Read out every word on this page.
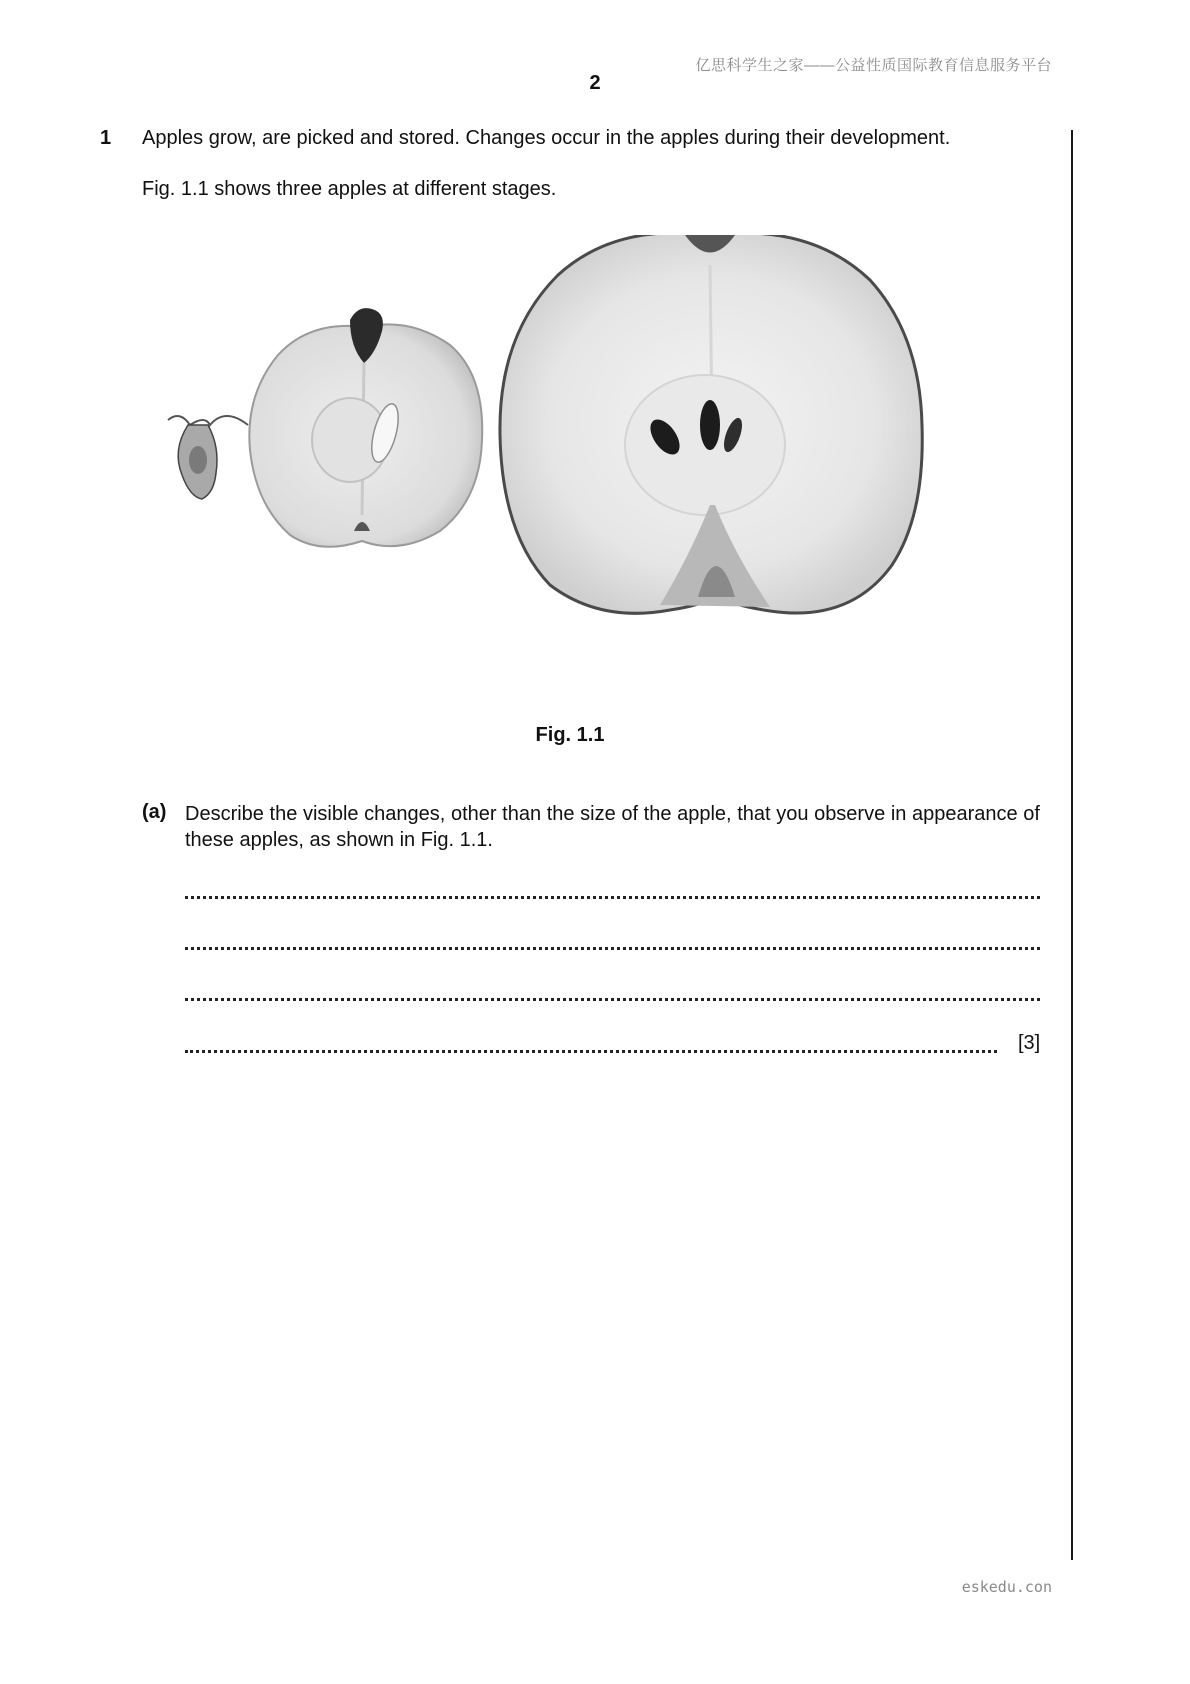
亿思科学生之家——公益性质国际教育信息服务平台
2
1 Apples grow, are picked and stored. Changes occur in the apples during their development.
Fig. 1.1 shows three apples at different stages.
Fig. 1.1
(a) Describe the visible changes, other than the size of the apple, that you observe in appearance of these apples, as shown in Fig. 1.1.
[3]
eskedu.con
